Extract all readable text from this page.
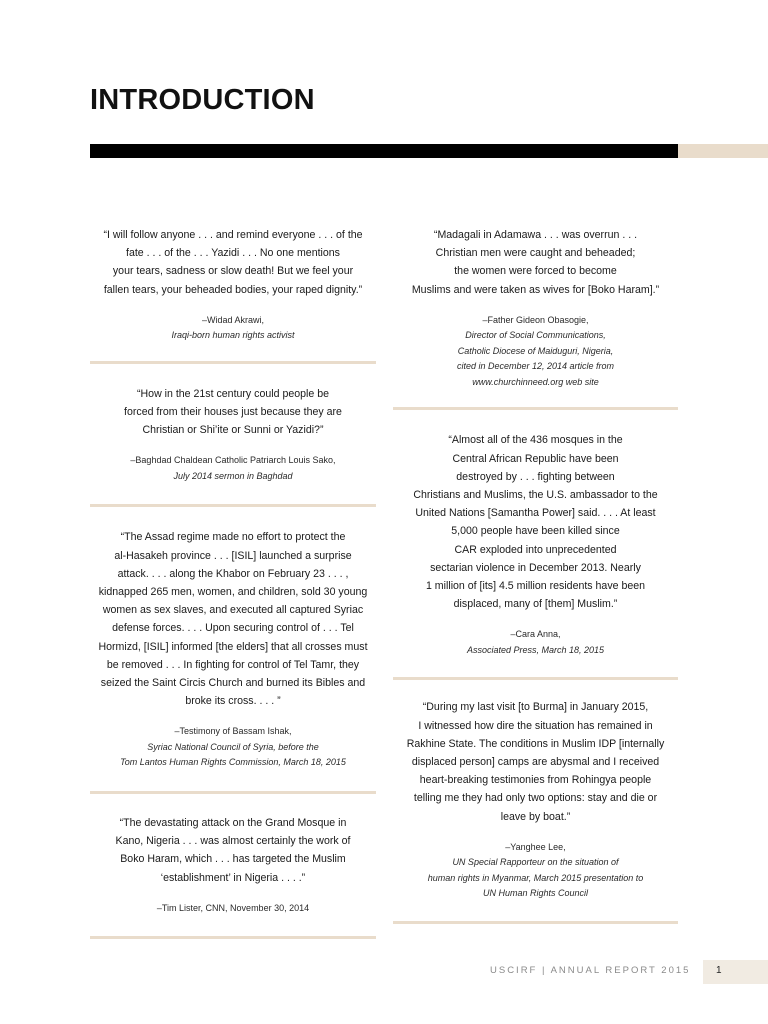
INTRODUCTION
“I will follow anyone . . . and remind everyone . . . of the
fate . . . of the . . . Yazidi . . . No one mentions
your tears, sadness or slow death! But we feel your
fallen tears, your beheaded bodies, your raped dignity.”
–Widad Akrawi,
Iraqi-born human rights activist
“How in the 21st century could people be
forced from their houses just because they are
Christian or Shi’ite or Sunni or Yazidi?”
–Baghdad Chaldean Catholic Patriarch Louis Sako,
July 2014 sermon in Baghdad
“The Assad regime made no effort to protect the
al-Hasakeh province . . . [ISIL] launched a surprise
attack. . . . along the Khabor on February 23 . . . ,
kidnapped 265 men, women, and children, sold 30 young
women as sex slaves, and executed all captured Syriac
defense forces. . . . Upon securing control of . . . Tel
Hormizd, [ISIL] informed [the elders] that all crosses must
be removed . . . In fighting for control of Tel Tamr, they
seized the Saint Circis Church and burned its Bibles and
broke its cross. . . . ”
–Testimony of Bassam Ishak,
Syriac National Council of Syria, before the
Tom Lantos Human Rights Commission, March 18, 2015
“The devastating attack on the Grand Mosque in
Kano, Nigeria . . . was almost certainly the work of
Boko Haram, which . . . has targeted the Muslim
‘establishment’ in Nigeria . . . .”
–Tim Lister, CNN, November 30, 2014
“Madagali in Adamawa . . . was overrun . . .
Christian men were caught and beheaded;
the women were forced to become
Muslims and were taken as wives for [Boko Haram].”
–Father Gideon Obasogie,
Director of Social Communications,
Catholic Diocese of Maiduguri, Nigeria,
cited in December 12, 2014 article from
www.churchinneed.org web site
“Almost all of the 436 mosques in the
Central African Republic have been
destroyed by . . . fighting between
Christians and Muslims, the U.S. ambassador to the
United Nations [Samantha Power] said. . . . At least
5,000 people have been killed since
CAR exploded into unprecedented
sectarian violence in December 2013. Nearly
1 million of [its] 4.5 million residents have been
displaced, many of [them] Muslim.”
–Cara Anna,
Associated Press, March 18, 2015
“During my last visit [to Burma] in January 2015,
I witnessed how dire the situation has remained in
Rakhine State. The conditions in Muslim IDP [internally
displaced person] camps are abysmal and I received
heart-breaking testimonies from Rohingya people
telling me they had only two options: stay and die or
leave by boat.”
–Yanghee Lee,
UN Special Rapporteur on the situation of
human rights in Myanmar, March 2015 presentation to
UN Human Rights Council
USCIRF | ANNUAL REPORT 2015	1
